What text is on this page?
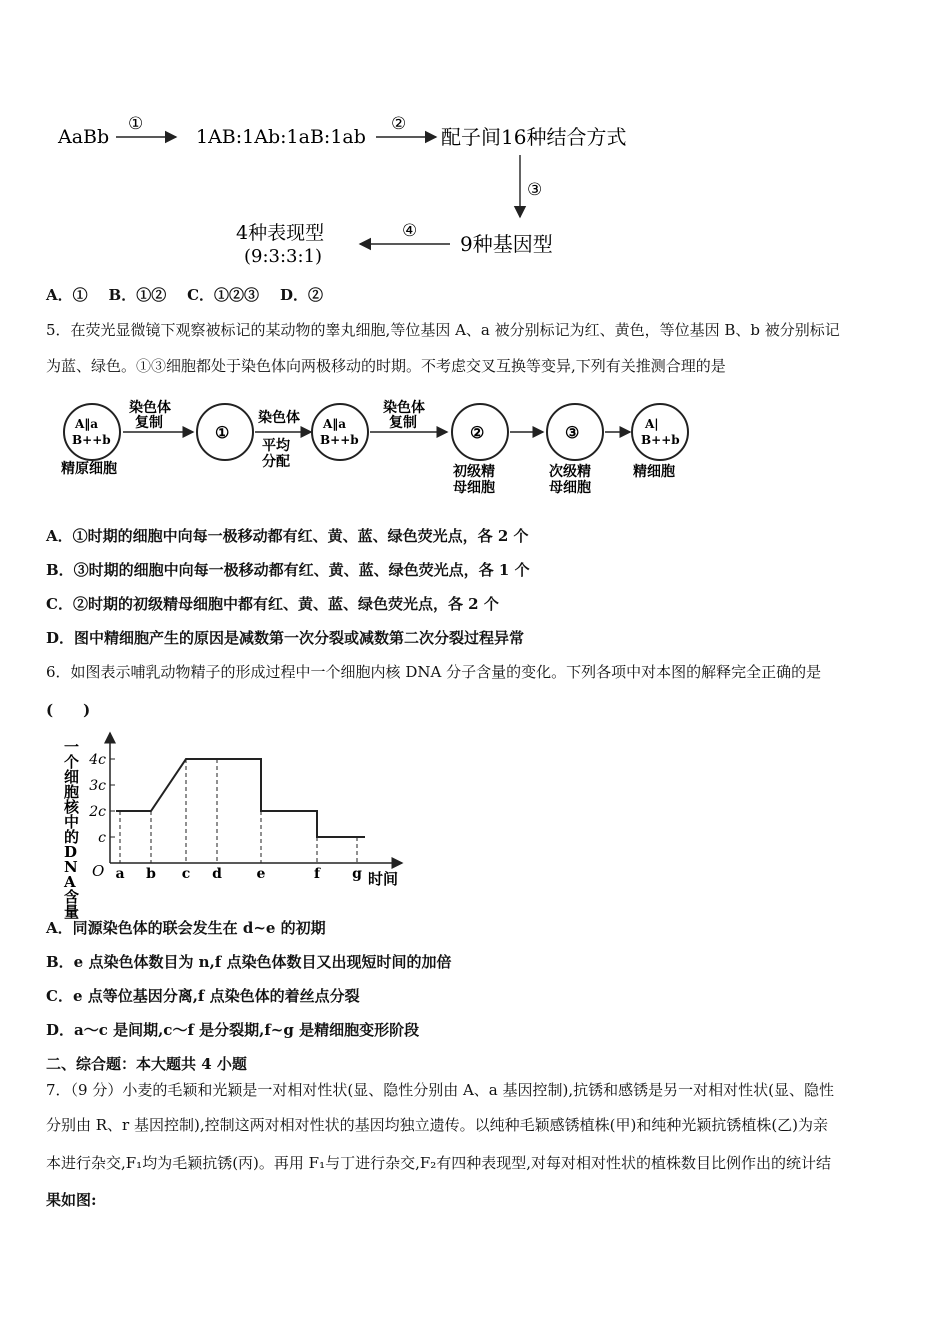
AaBb
①
1AB:1Ab:1aB:1ab
②
配子间16种结合方式
③
9种基因型
④
4种表现型
(9:3:3:1)
A．① B．①② C．①②③ D．②
5．在荧光显微镜下观察被标记的某动物的睾丸细胞,等位基因 A、a 被分别标记为红、黄色，等位基因 B、b 被分别标记
为蓝、绿色。①③细胞都处于染色体向两极移动的时期。不考虑交叉互换等变异,下列有关推测合理的是
A‖a
B++b
精原细胞
染色体
复制	①
染色体
平均
分配
A‖a
B++b
染色体
复制	②
初级精
母细胞
③
次级精
母细胞
A|
B++b
精细胞
A．①时期的细胞中向每一极移动都有红、黄、蓝、绿色荧光点，各 2 个
B．③时期的细胞中向每一极移动都有红、黄、蓝、绿色荧光点，各 1 个
C．②时期的初级精母细胞中都有红、黄、蓝、绿色荧光点，各 2 个
D．图中精细胞产生的原因是减数第一次分裂或减数第二次分裂过程异常
6．如图表示哺乳动物精子的形成过程中一个细胞内核 DNA 分子含量的变化。下列各项中对本图的解释完全正确的是
(　　)
一
个
细
胞
核
中
的
D
N
A
含
量
O	时间
c
2c
3c
4c
a b c d e	f g
A．同源染色体的联会发生在 d~e 的初期
B．e 点染色体数目为 n,f 点染色体数目又出现短时间的加倍
C．e 点等位基因分离,f 点染色体的着丝点分裂
D．a～c 是间期,c～f 是分裂期,f~g 是精细胞变形阶段
二、综合题：本大题共 4 小题
7．（9 分）小麦的毛颖和光颖是一对相对性状(显、隐性分别由 A、a 基因控制),抗锈和感锈是另一对相对性状(显、隐性
分别由 R、r 基因控制),控制这两对相对性状的基因均独立遗传。以纯种毛颖感锈植株(甲)和纯种光颖抗锈植株(乙)为亲
本进行杂交,F₁均为毛颖抗锈(丙)。再用 F₁与丁进行杂交,F₂有四种表现型,对每对相对性状的植株数目比例作出的统计结
果如图:
